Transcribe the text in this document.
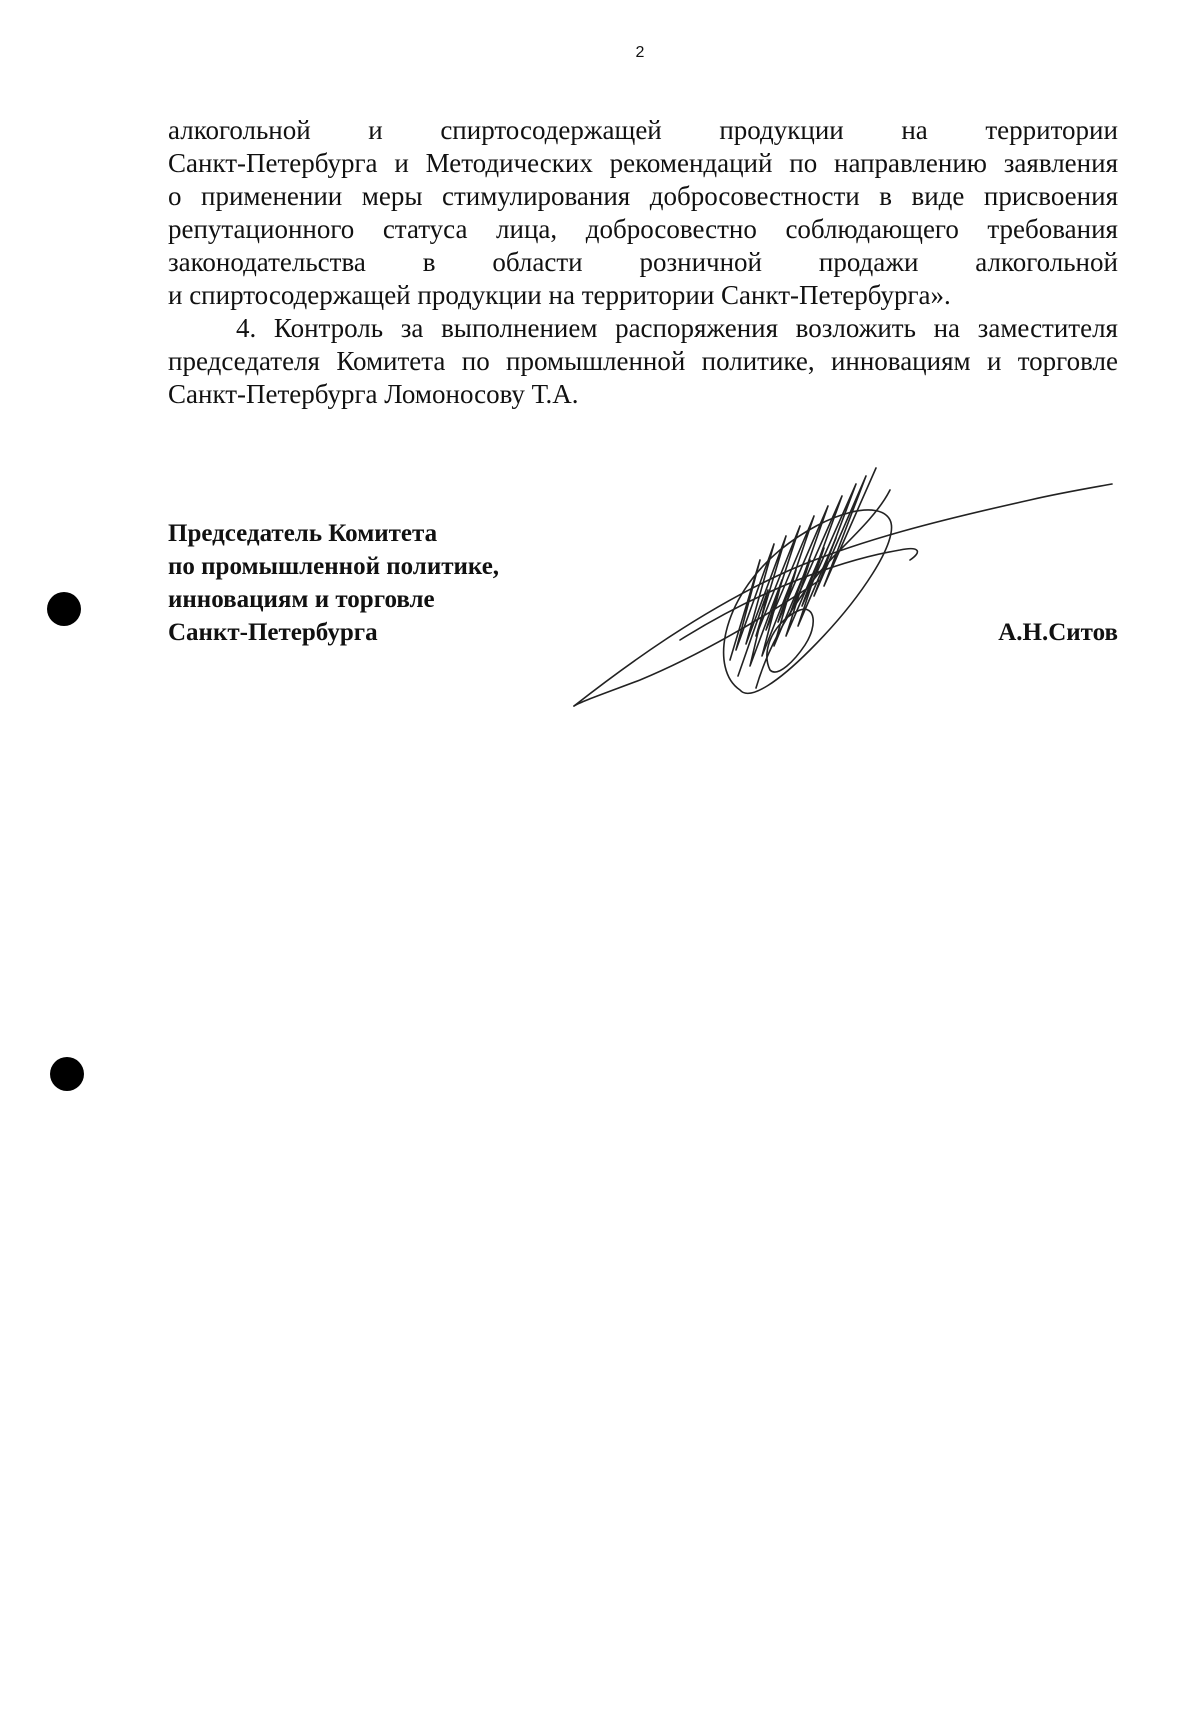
2
алкогольной и спиртосодержащей продукции на территории
Санкт-Петербурга и Методических рекомендаций по направлению заявления
о применении меры стимулирования добросовестности в виде присвоения
репутационного статуса лица, добросовестно соблюдающего требования
законодательства в области розничной продажи алкогольной
и спиртосодержащей продукции на территории Санкт-Петербурга».
4. Контроль за выполнением распоряжения возложить на заместителя
председателя Комитета по промышленной политике, инновациям и торговле
Санкт-Петербурга Ломоносову Т.А.
Председатель Комитета
по промышленной политике,
инновациям и торговле
Санкт-Петербурга	А.Н.Ситов
